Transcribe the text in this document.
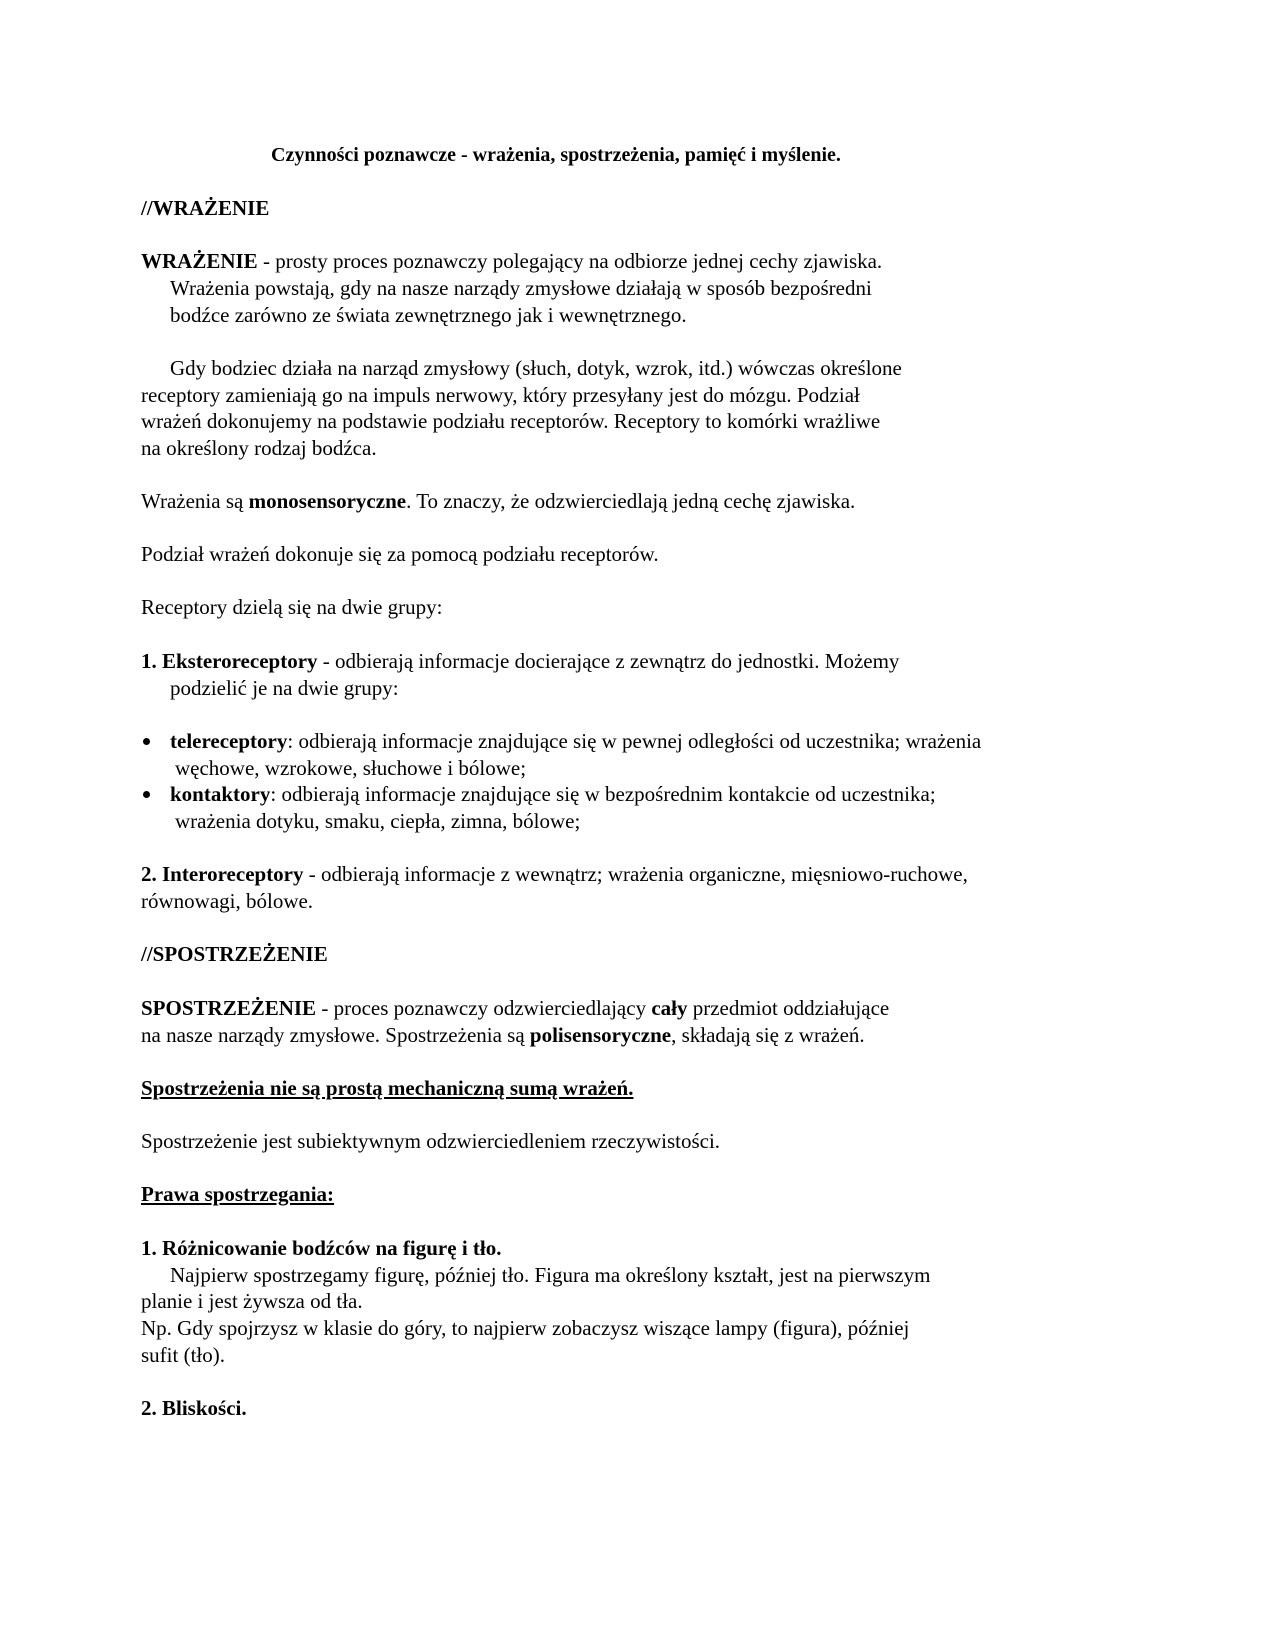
Czynności poznawcze - wrażenia, spostrzeżenia, pamięć i myślenie.
//WRAŻENIE
WRAŻENIE - prosty proces poznawczy polegający na odbiorze jednej cechy zjawiska.
Wrażenia powstają, gdy na nasze narządy zmysłowe działają w sposób bezpośredni
bodźce zarówno ze świata zewnętrznego jak i wewnętrznego.
Gdy bodziec działa na narząd zmysłowy (słuch, dotyk, wzrok, itd.) wówczas określone
receptory zamieniają go na impuls nerwowy, który przesyłany jest do mózgu. Podział
wrażeń dokonujemy na podstawie podziału receptorów. Receptory to komórki wrażliwe
na określony rodzaj bodźca.
Wrażenia są monosensoryczne. To znaczy, że odzwierciedlają jedną cechę zjawiska.
Podział wrażeń dokonuje się za pomocą podziału receptorów.
Receptory dzielą się na dwie grupy:
1. Eksteroreceptory - odbierają informacje docierające z zewnątrz do jednostki. Możemy
podzielić je na dwie grupy:
telereceptory: odbierają informacje znajdujące się w pewnej odległości od uczestnika; wrażenia
węchowe, wzrokowe, słuchowe i bólowe;
kontaktory: odbierają informacje znajdujące się w bezpośrednim kontakcie od uczestnika;
wrażenia dotyku, smaku, ciepła, zimna, bólowe;
2. Interoreceptory - odbierają informacje z wewnątrz; wrażenia organiczne, mięsniowo-ruchowe,
równowagi, bólowe.
//SPOSTRZEŻENIE
SPOSTRZEŻENIE - proces poznawczy odzwierciedlający cały przedmiot oddziałujące
na nasze narządy zmysłowe. Spostrzeżenia są polisensoryczne, składają się z wrażeń.
Spostrzeżenia nie są prostą mechaniczną sumą wrażeń.
Spostrzeżenie jest subiektywnym odzwierciedleniem rzeczywistości.
Prawa spostrzegania:
1. Różnicowanie bodźców na figurę i tło.
Najpierw spostrzegamy figurę, później tło. Figura ma określony kształt, jest na pierwszym
planie i jest żywsza od tła.
Np. Gdy spojrzysz w klasie do góry, to najpierw zobaczysz wiszące lampy (figura), później
sufit (tło).
2. Bliskości.
